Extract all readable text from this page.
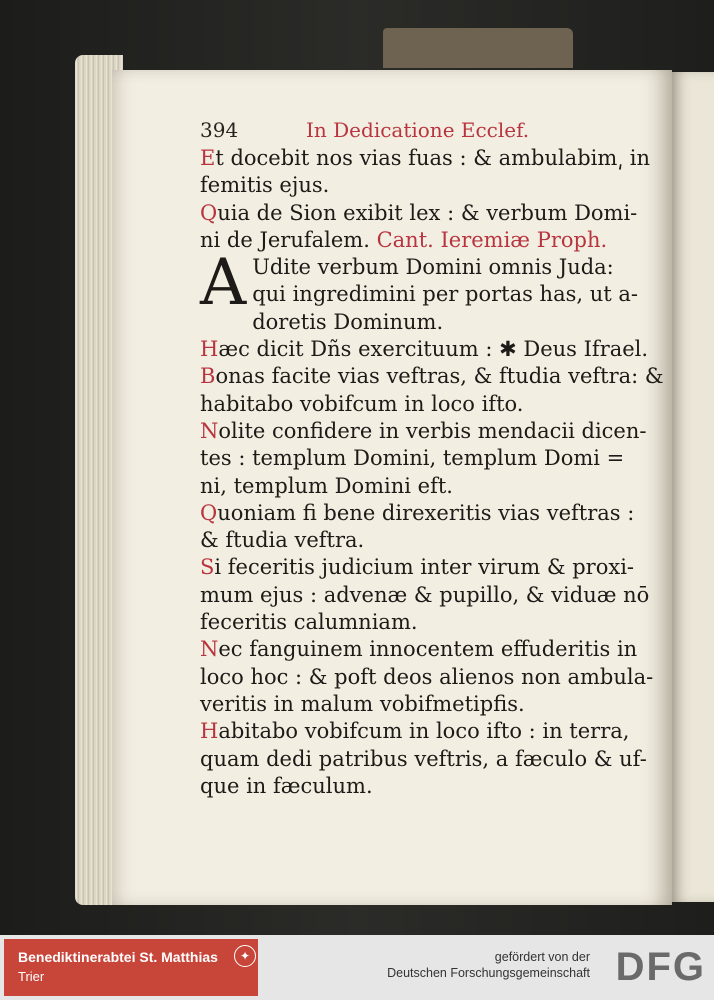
394	In Dedicatione Ecclef.
Et docebit nos vias fuas : & ambulabim͵ in
femitis ejus.
Quia de Sion exibit lex : & verbum Domi-
ni de Jerufalem. Cant. Ieremiæ Proph.
A Udite verbum Domini omnis Juda:
qui ingredimini per portas has, ut a-
doretis Dominum.
Hæc dicit Dñs exercituum : ✱ Deus Ifrael.
Bonas facite vias veftras, & ftudia veftra: &
habitabo vobifcum in loco ifto.
Nolite confidere in verbis mendacii dicen-
tes : templum Domini, templum Domi =
ni, templum Domini eft.
Quoniam fi bene direxeritis vias veftras :
& ftudia veftra.
Si feceritis judicium inter virum & proxi-
mum ejus : advenæ & pupillo, & viduæ nō
feceritis calumniam.
Nec fanguinem innocentem effuderitis in
loco hoc : & poft deos alienos non ambula-
veritis in malum vobifmetipfis.
Habitabo vobifcum in loco ifto : in terra,
quam dedi patribus veftris, a fæculo & uf-
que in fæculum.
Benediktinerabtei St. Matthias
Trier
✦	gefördert von der
Deutschen Forschungsgemeinschaft DFG
